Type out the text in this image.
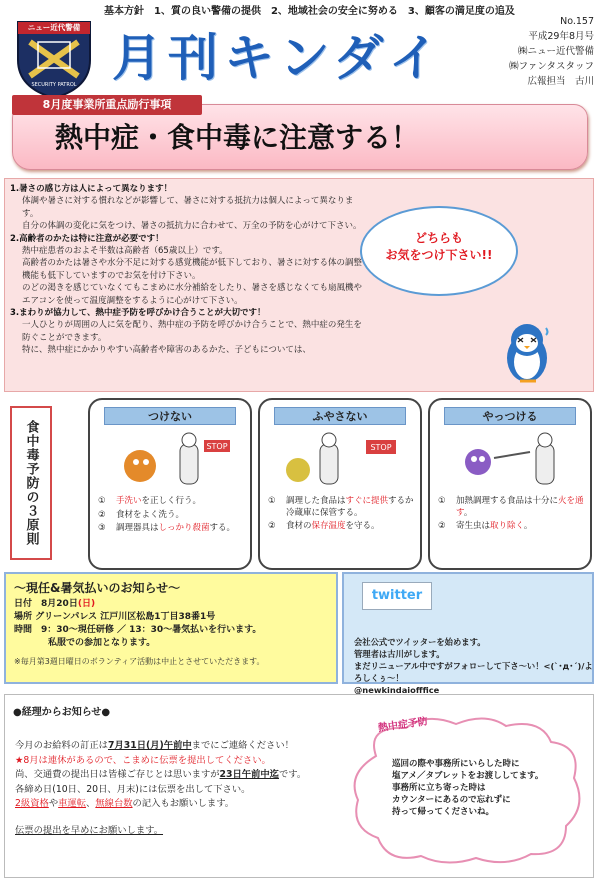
基本方針　1、質の良い警備の提供　2、地域社会の安全に努める　3、顧客の満足度の追及
ニュー近代警備
SECURITY PATROL 月刊キンダイ
No.157
平成29年8月号
㈱ニュー近代警備
㈱ファンタスタッフ
広報担当　古川
熱中症・食中毒に注意する！
8月度事業所重点励行事項
1.暑さの感じ方は人によって異なります！
体調や暑さに対する慣れなどが影響して、暑さに対する抵抗力は個人によって異なります。
自分の体調の変化に気をつけ、暑さの抵抗力に合わせて、万全の予防を心がけて下さい。
2.高齢者のかたは特に注意が必要です！
熱中症患者のおよそ半数は高齢者（65歳以上）です。
高齢者のかたは暑さや水分不足に対する感覚機能が低下しており、暑さに対する体の調整機能も低下していますのでお気を付け下さい。
のどの渇きを感じていなくてもこまめに水分補給をしたり、暑さを感じなくても扇風機やエアコンを使って温度調整をするように心がけて下さい。
3.まわりが協力して、熱中症予防を呼びかけ合うことが大切です！
一人ひとりが周囲の人に気を配り、熱中症の予防を呼びかけ合うことで、熱中症の発生を防ぐことができます。
特に、熱中症にかかりやすい高齢者や障害のあるかた、子どもについては、
どちらも
お気をつけ下さい!!
食中毒予防の３原則
つけない
STOP
①	手洗いを正しく行う。
②	食材をよく洗う。
③	調理器具はしっかり殺菌する。
ふやさない
STOP
①	調理した食品はすぐに提供するか冷蔵庫に保管する。
②	食材の保存温度を守る。
やっつける
①	加熱調理する食品は十分に火を通す。
②	寄生虫は取り除く。
～現任&暑気払いのお知らせ～
日付　 8月20日(日)
場所 グリーンパレス 江戸川区松島1丁目38番1号
時間　 9：30～現任研修 ／ 13：30～暑気払いを行います。
私服での参加となります。
※毎月第3週日曜日のボランティア活動は中止とさせていただきます。
twitter
会社公式でツイッターを始めます。
管理者は古川がします。
まだリニューアル中ですがフォローして下さ～い！<(`･д･´)/よろしくぅ～！
@newkindaiofffice
●経理からお知らせ●
今月のお給料の訂正は7月31日(月)午前中までにご連絡ください！
★8月は連休があるので、こまめに伝票を提出してください。
尚、交通費の提出日は皆様ご存じとは思いますが23日午前中迄です。
各締め日(10日、20日、月末)には伝票を出して下さい。
2級資格や車運転、無線台数の記入もお願いします。
伝票の提出を早めにお願いします。
熱中症予防
巡回の際や事務所にいらした時に
塩アメ／タブレットをお渡ししてます。
事務所に立ち寄った時は
カウンターにあるので忘れずに
持って帰ってくださいね。
